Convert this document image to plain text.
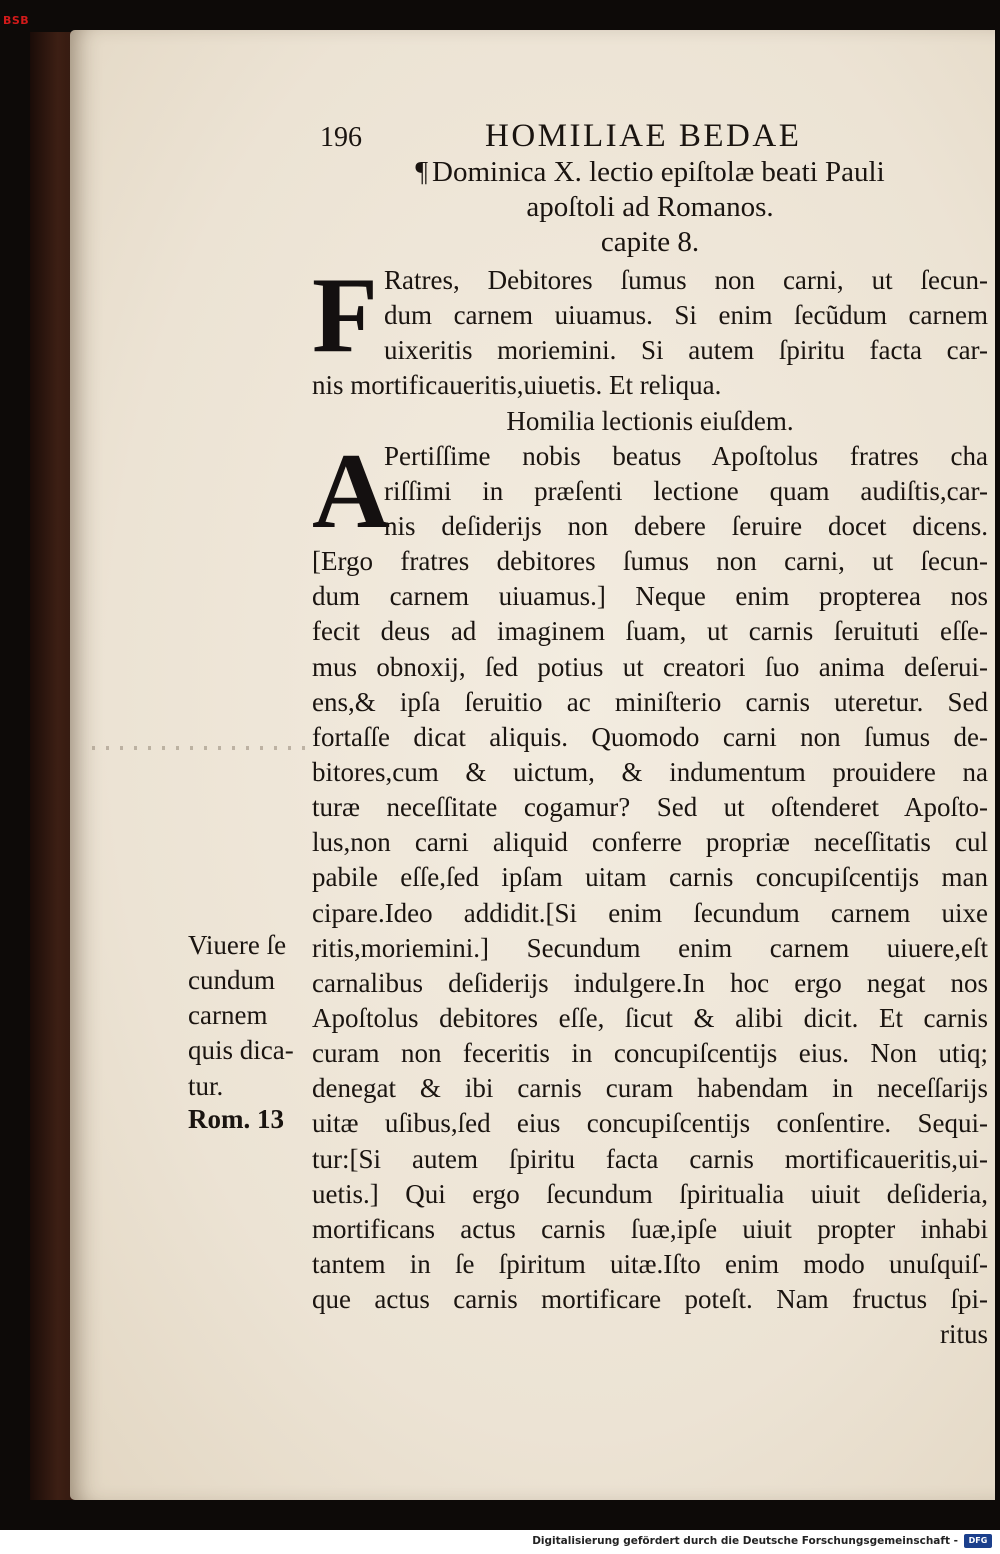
BSB
196	HOMILIAE BEDAE
¶ Dominica X. lectio epiſtolæ beati Pauli
apoſtoli ad Romanos.
capite 8.
F
A
Ratres, Debitores ſumus non carni, ut ſecun-
dum carnem uiuamus. Si enim ſecũdum carnem
uixeritis moriemini. Si autem ſpiritu facta car-
nis mortificaueritis,uiuetis. Et reliqua.
Homilia lectionis eiuſdem.
Pertiſſime nobis beatus Apoſtolus fratres cha
riſſimi in præſenti lectione quam audiſtis,car-
nis deſiderijs non debere ſeruire docet dicens.
[Ergo fratres debitores ſumus non carni, ut ſecun-
dum carnem uiuamus.] Neque enim propterea nos
fecit deus ad imaginem ſuam, ut carnis ſeruituti eſſe-
mus obnoxij, ſed potius ut creatori ſuo anima deſerui-
ens,& ipſa ſeruitio ac miniſterio carnis uteretur. Sed
fortaſſe dicat aliquis. Quomodo carni non ſumus de-
bitores,cum & uictum, & indumentum prouidere na
turæ neceſſitate cogamur? Sed ut oſtenderet Apoſto-
lus,non carni aliquid conferre propriæ neceſſitatis cul
pabile eſſe,ſed ipſam uitam carnis concupiſcentijs man
cipare.Ideo addidit.[Si enim ſecundum carnem uixe
ritis,moriemini.] Secundum enim carnem uiuere,eſt
carnalibus deſiderijs indulgere.In hoc ergo negat nos
Apoſtolus debitores eſſe, ſicut & alibi dicit. Et carnis
curam non feceritis in concupiſcentijs eius. Non utiq;
denegat & ibi carnis curam habendam in neceſſarijs
uitæ uſibus,ſed eius concupiſcentijs conſentire. Sequi-
tur:[Si autem ſpiritu facta carnis mortificaueritis,ui-
uetis.] Qui ergo ſecundum ſpiritualia uiuit deſideria,
mortificans actus carnis ſuæ,ipſe uiuit propter inhabi
tantem in ſe ſpiritum uitæ.Iſto enim modo unuſquiſ-
que actus carnis mortificare poteſt. Nam fructus ſpi-
ritus
Viuere ſe
cundum
carnem
quis dica-
tur.
Rom. 13
Digitalisierung gefördert durch die Deutsche Forschungsgemeinschaft -	DFG
